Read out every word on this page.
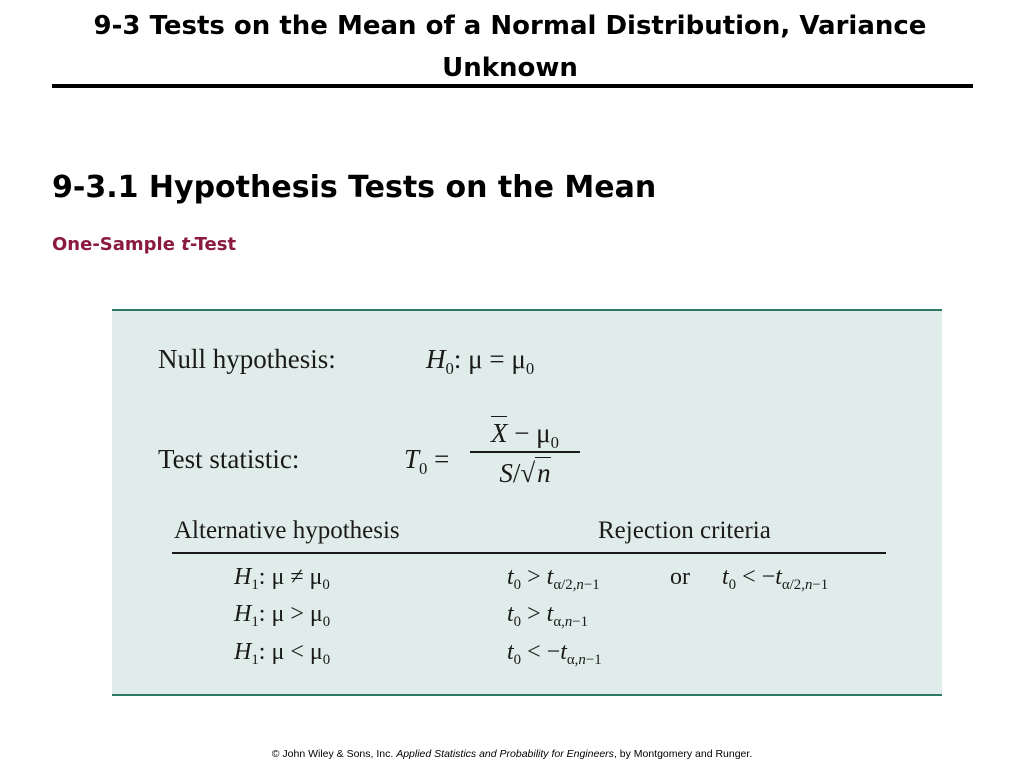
9-3 Tests on the Mean of a Normal Distribution, Variance Unknown
9-3.1 Hypothesis Tests on the Mean
One-Sample t-Test
Null hypothesis:	$H_0$: $\mu = \mu_0$
Test statistic:	$T_0$ =
$X - \mu_0$
S/√n
Alternative hypothesis	Rejection criteria
$H_1$: $\mu \ne \mu_0$	$t_0 > t_{\alpha/2,n-1}$	or $t_0 < -t_{\alpha/2,n-1}$
$H_1$: $\mu > \mu_0$	$t_0 > t_{\alpha,n-1}$
$H_1$: $\mu < \mu_0$	$t_0 < -t_{\alpha,n-1}$
© John Wiley & Sons, Inc. Applied Statistics and Probability for Engineers, by Montgomery and Runger.
